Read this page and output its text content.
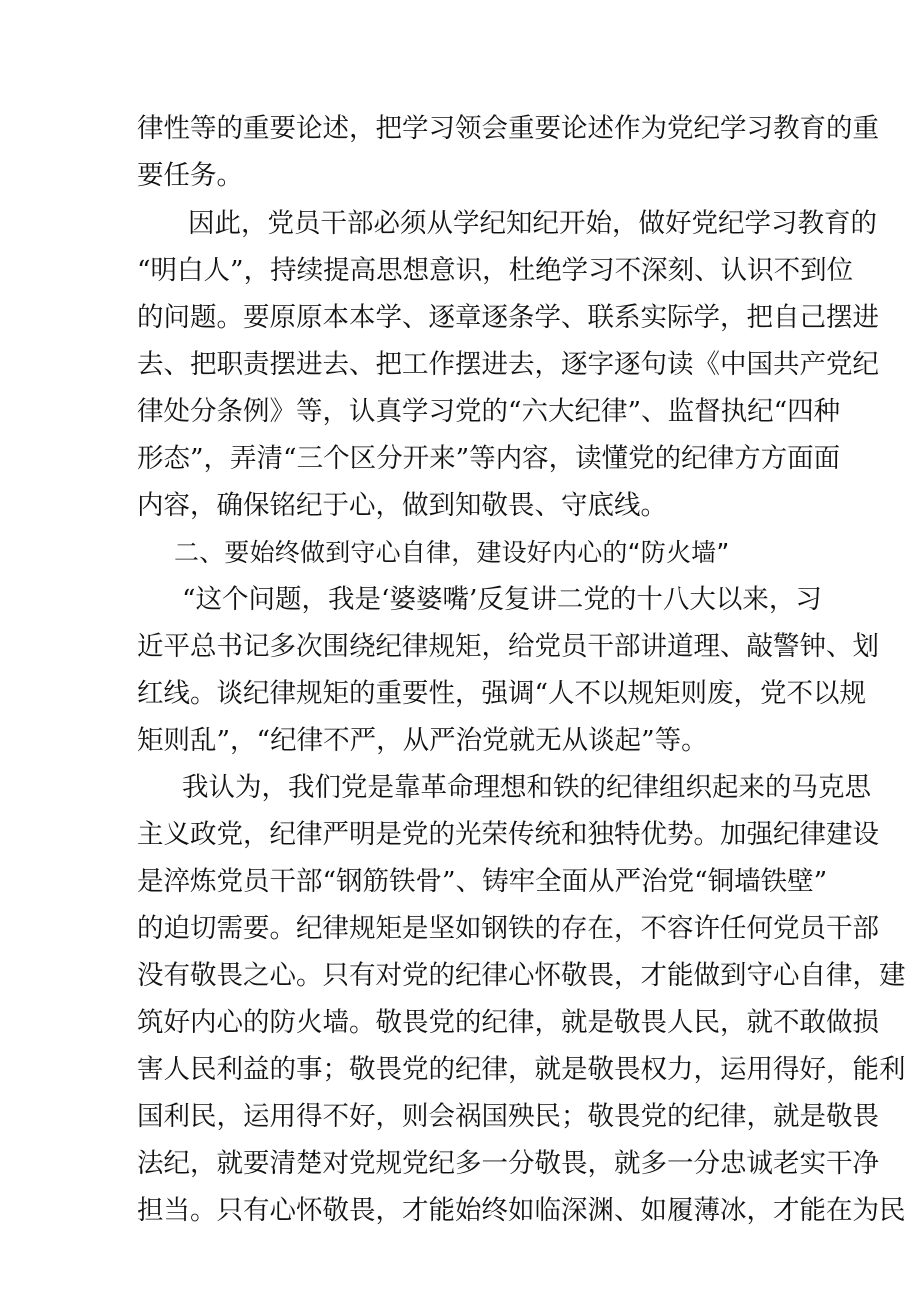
律性等的重要论述，把学习领会重要论述作为党纪学习教育的重
要任务。
因此，党员干部必须从学纪知纪开始，做好党纪学习教育的
“明白人”，持续提高思想意识，杜绝学习不深刻、认识不到位
的问题。要原原本本学、逐章逐条学、联系实际学，把自己摆进
去、把职责摆进去、把工作摆进去，逐字逐句读《中国共产党纪
律处分条例》等，认真学习党的“六大纪律”、监督执纪“四种
形态”，弄清“三个区分开来”等内容，读懂党的纪律方方面面
内容，确保铭纪于心，做到知敬畏、守底线。
二、要始终做到守心自律，建设好内心的“防火墙”
“这个问题，我是‘婆婆嘴’反复讲二党的十八大以来，习
近平总书记多次围绕纪律规矩，给党员干部讲道理、敲警钟、划
红线。谈纪律规矩的重要性，强调“人不以规矩则废，党不以规
矩则乱”，“纪律不严，从严治党就无从谈起”等。
我认为，我们党是靠革命理想和铁的纪律组织起来的马克思
主义政党，纪律严明是党的光荣传统和独特优势。加强纪律建设
是淬炼党员干部“钢筋铁骨”、铸牢全面从严治党“铜墙铁壁”
的迫切需要。纪律规矩是坚如钢铁的存在，不容许任何党员干部
没有敬畏之心。只有对党的纪律心怀敬畏，才能做到守心自律，建
筑好内心的防火墙。敬畏党的纪律，就是敬畏人民，就不敢做损
害人民利益的事；敬畏党的纪律，就是敬畏权力，运用得好，能利
国利民，运用得不好，则会祸国殃民；敬畏党的纪律，就是敬畏
法纪，就要清楚对党规党纪多一分敬畏，就多一分忠诚老实干净
担当。只有心怀敬畏，才能始终如临深渊、如履薄冰，才能在为民
